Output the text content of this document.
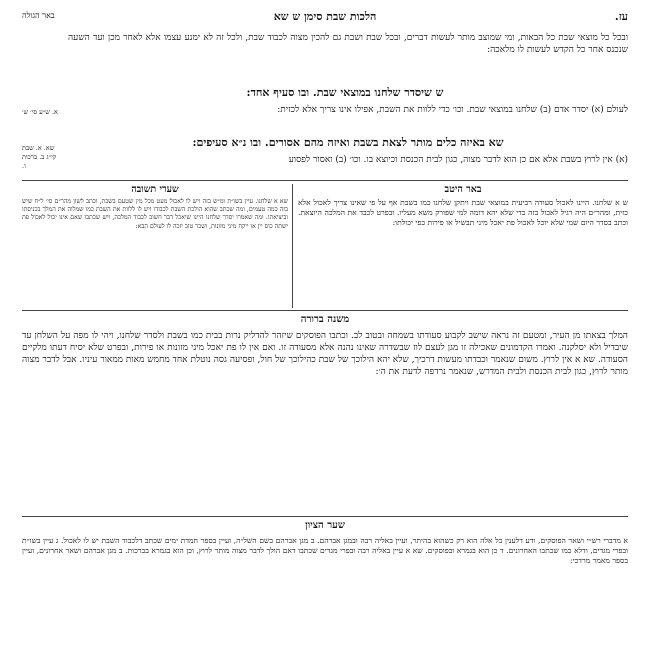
עז.
הלכות שבת סימן ש שא
באר הגולה
ובכל כל מוצאי שבת כל הבאות, ומי שמוצב מותר לעשות דברים, ובכל שבת ושבת גם להכין מצוה לכבוד שבת, ולכל זה לא ימנע עצמו אלא לאחר מכן ועד השעה שנכנס אחר כל הקדש לעשות לו מלאכה:
ש שיסדר שלחנו במוצאי שבת. ובו סעיף אחד:
לעולם (א) יסדר אדם (ב) שלחנו במוצאי שבת. וכו׳ כדי ללוות את השבת, אפילו אינו צריך אלא לכזית:
א. ש״ע סי׳ ש׳
שא באיזה כלים מותר לצאת בשבת ואיזה מהם אסורים. ובו נ״א סעיפים:
(א) אין לרוץ בשבת אלא אם כן הוא לדבר מצוה, כגון לבית הכנסת וכיוצא בו. וכו׳ (ב) ואסור לפסוע
שא. א. שבת קי״ג ב. ברכות ו.
שערי תשובה	באר היטב
שא א שלחנו. עיין בשו״ת ומ״ש בזה ויש לו לאכול מעט מכל מין שטעם בשבת, וכתב לשון מהר״ם סי׳ ל״ח שיש בזה כמה טעמים, ומה שכתב שהוא הולכת השבת לכבודו ויש לו ללוות את השבת כמו שמלוה את המלך בכניסתו וביציאתו. ומה שאמרו יסדר שלחנו היינו שיאכל דבר חשוב לכבוד המלכה, ויש שכתבו שאם אינו יכול לאכול פת ישתה כוס יין או ייקח מיני מזונות, ושכר טוב יזכה לו לעולם הבא:
ש א שלחנו. היינו לאכול סעודה רביעית במוצאי שבת ויתקן שלחנו כמו בשבת אף על פי שאינו צריך לאכול אלא כזית, ומהר״ם היה רגיל לאכול בזה כדי שלא יהא דומה למי שפורק משא מעליו. ובפרט לכבד את המלכה היוצאת. וכתב בסדר היום שמי שלא יוכל לאכול פת יאכל מיני תבשיל או פירות כפי יכולתו:
משנה ברורה
המלך בצאתו מן העיר, ומטעם זה נראה שישב לקבוע סעודתו בשמחה ובטוב לב. וכתבו הפוסקים שיזהר להדליק נרות בבית כמו בשבת ולסדר שלחנו, ויהי לו מפה על השלחן עד שיבדיל ולא יסלקנה. ואמרו הקדמונים שאכילה זו מגן לעצם לוז שבשדרה שאינו נהנה אלא מסעודה זו. ואם אין לו פת יאכל מיני מזונות או פירות, ובפרט שלא יסיח דעתו מלקיים הסעודה. שא א אין לרוץ. משום שנאמר וכבדתו מעשות דרכיך, שלא יהא הילוכך של שבת כהילוכך של חול, ופסיעה גסה נוטלת אחד מחמש מאות ממאור עיניו. אבל לדבר מצוה מותר לרוץ, כגון לבית הכנסת ולבית המדרש, שנאמר נרדפה לדעת את ה׳:
שער הציון
א מדברי רש״י ושאר הפוסקים, ודע דלענין כל אלה הוא רק כשהוא בהיתר, ועיין באליה רבה ובמגן אברהם. ב מגן אברהם בשם השל״ה, ועיין בספר חמדת ימים שכתב דלכבוד השבת יש לו לאכול. ג עיין בשו״ת ובפרי מגדים, ודלא כמו שכתבו האחרונים. ד כן הוא בגמרא ובפוסקים. שא א עיין באליה רבה ובפרי מגדים שכתבו דאם הולך לדבר מצוה מותר לרוץ, וכן הוא בגמרא בברכות. ב מגן אברהם ושאר אחרונים, ועיין בספר מאמר מרדכי:
